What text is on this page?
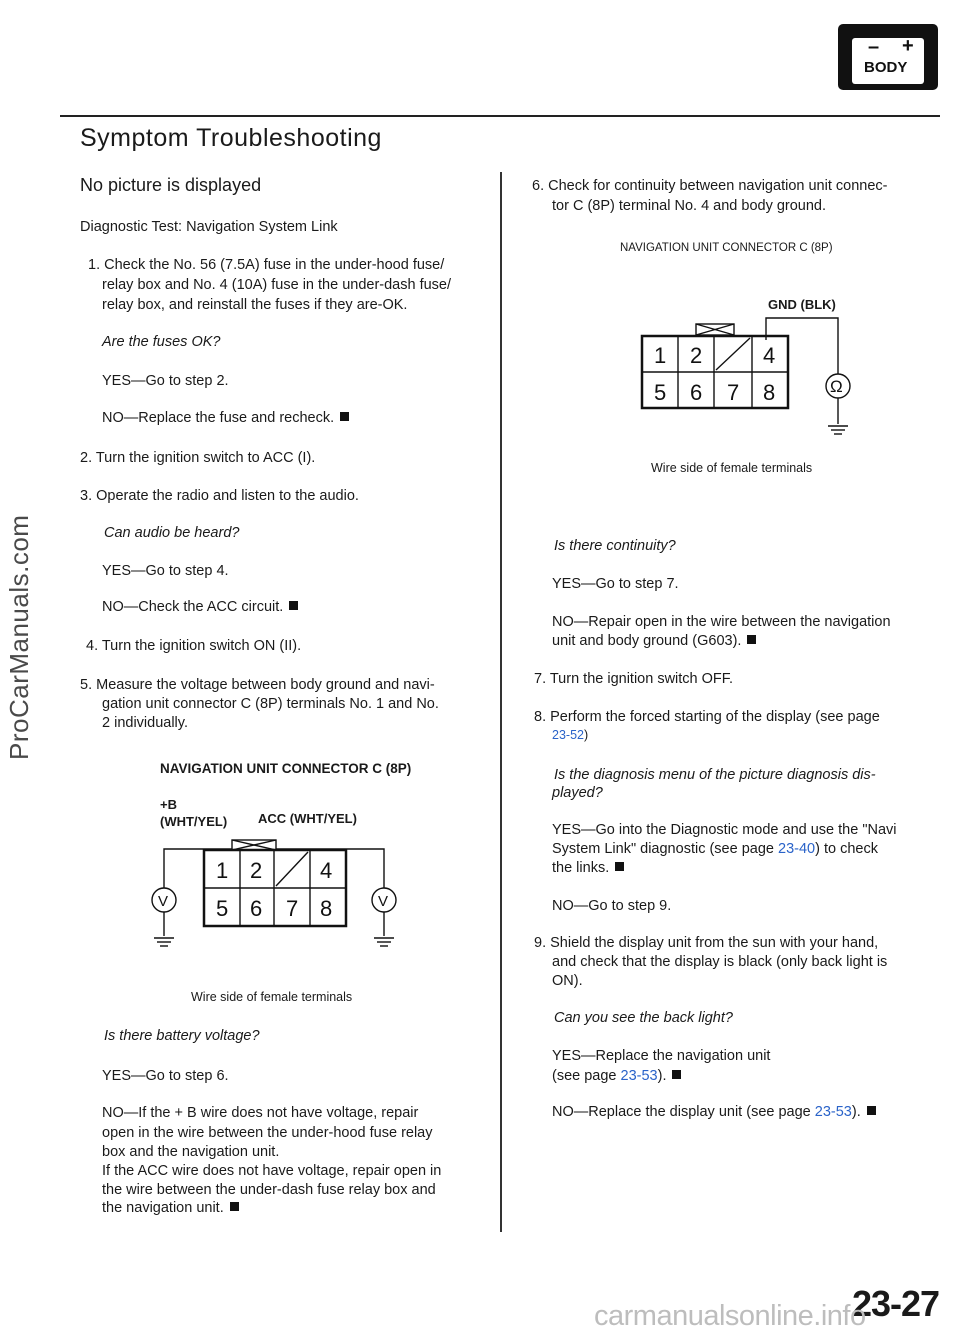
ProCarManuals.com
– +
BODY
Symptom Troubleshooting
No picture is displayed
Diagnostic Test: Navigation System Link
1. Check the No. 56 (7.5A) fuse in the under-hood fuse/
relay box and No. 4 (10A) fuse in the under-dash fuse/
relay box, and reinstall the fuses if they are-OK.
Are the fuses OK?
YES—Go to step 2.
NO—Replace the fuse and recheck.
2. Turn the ignition switch to ACC (I).
3. Operate the radio and listen to the audio.
Can audio be heard?
YES—Go to step 4.
NO—Check the ACC circuit.
4. Turn the ignition switch ON (II).
5. Measure the voltage between body ground and navi-
gation unit connector C (8P) terminals No. 1 and No.
2 individually.
NAVIGATION UNIT CONNECTOR C (8P)
+B
(WHT/YEL) ACC (WHT/YEL)
1 2	4
5 6 7 8
V	V
Wire side of female terminals
Is there battery voltage?
YES—Go to step 6.
NO—If the + B wire does not have voltage, repair
open in the wire between the under-hood fuse relay
box and the navigation unit.
If the ACC wire does not have voltage, repair open in
the wire between the under-dash fuse relay box and
the navigation unit.
6. Check for continuity between navigation unit connec-
tor C (8P) terminal No. 4 and body ground.
NAVIGATION UNIT CONNECTOR C (8P)
GND (BLK)
1 2	4
5 6 7 8	Ω
Wire side of female terminals
Is there continuity?
YES—Go to step 7.
NO—Repair open in the wire between the navigation
unit and body ground (G603).
7. Turn the ignition switch OFF.
8. Perform the forced starting of the display (see page
23-52)
Is the diagnosis menu of the picture diagnosis dis-
played?
YES—Go into the Diagnostic mode and use the "Navi
System Link" diagnostic (see page 23-40) to check
the links.
NO—Go to step 9.
9. Shield the display unit from the sun with your hand,
and check that the display is black (only back light is
ON).
Can you see the back light?
YES—Replace the navigation unit
(see page 23-53).
NO—Replace the display unit (see page 23-53).
23-27
carmanualsonline.info
